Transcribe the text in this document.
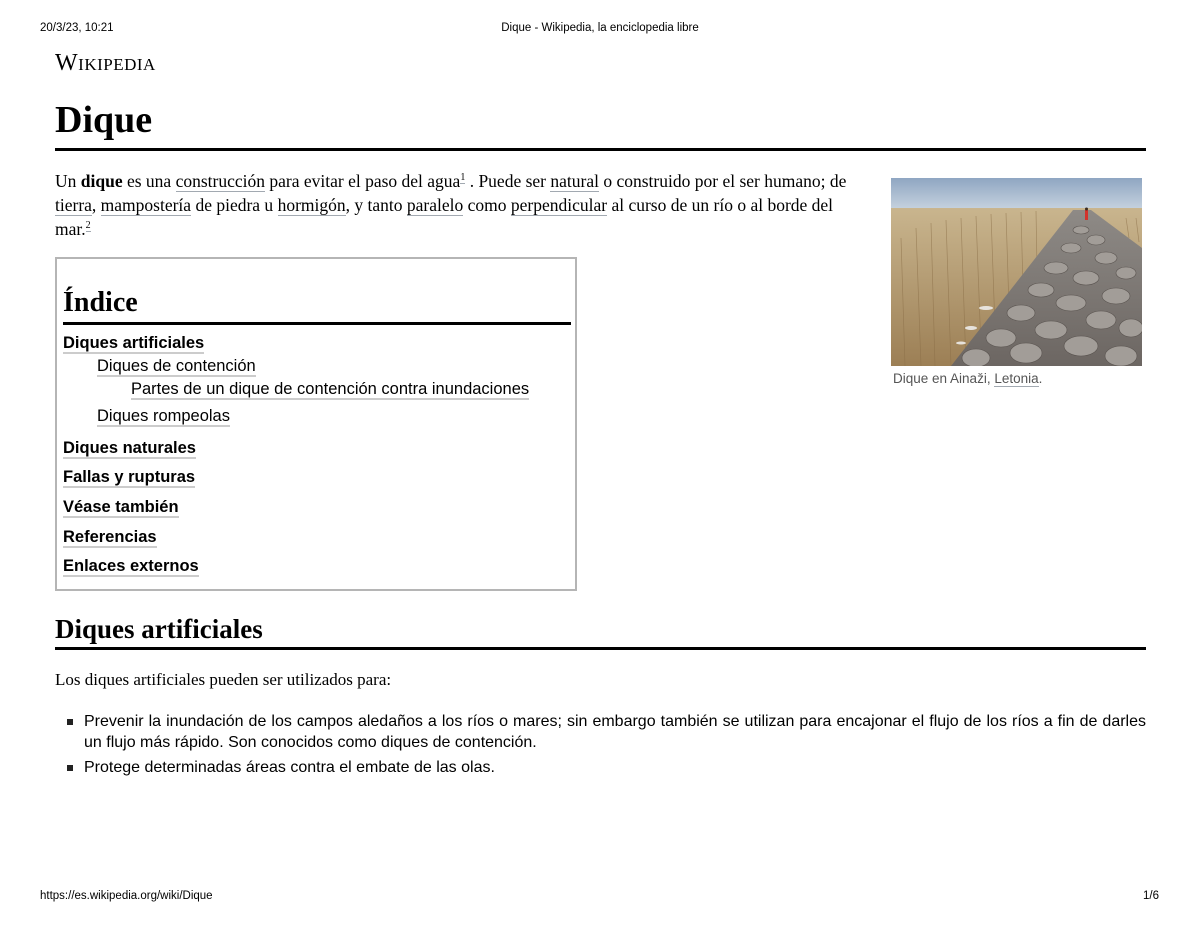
20/3/23, 10:21	Dique - Wikipedia, la enciclopedia libre
Wikipedia
Dique

Un dique es una construcción para evitar el paso del agua$^1$ . Puede ser natural o construido por el ser humano; de tierra, mampostería de piedra u hormigón, y tanto paralelo como perpendicular al curso de un río o al borde del mar.$^2$

Dique en Ainaži, Letonia.
Índice
Diques artificiales
Diques de contención
Partes de un dique de contención contra inundaciones
Diques rompeolas
Diques naturales
Fallas y rupturas
Véase también
Referencias
Enlaces externos
Diques artificiales

Los diques artificiales pueden ser utilizados para:

Prevenir la inundación de los campos aledaños a los ríos o mares; sin embargo también se utilizan para encajonar el flujo de los ríos a fin de darles un flujo más rápido. Son conocidos como diques de contención.
Protege determinadas áreas contra el embate de las olas.
https://es.wikipedia.org/wiki/Dique	1/6
